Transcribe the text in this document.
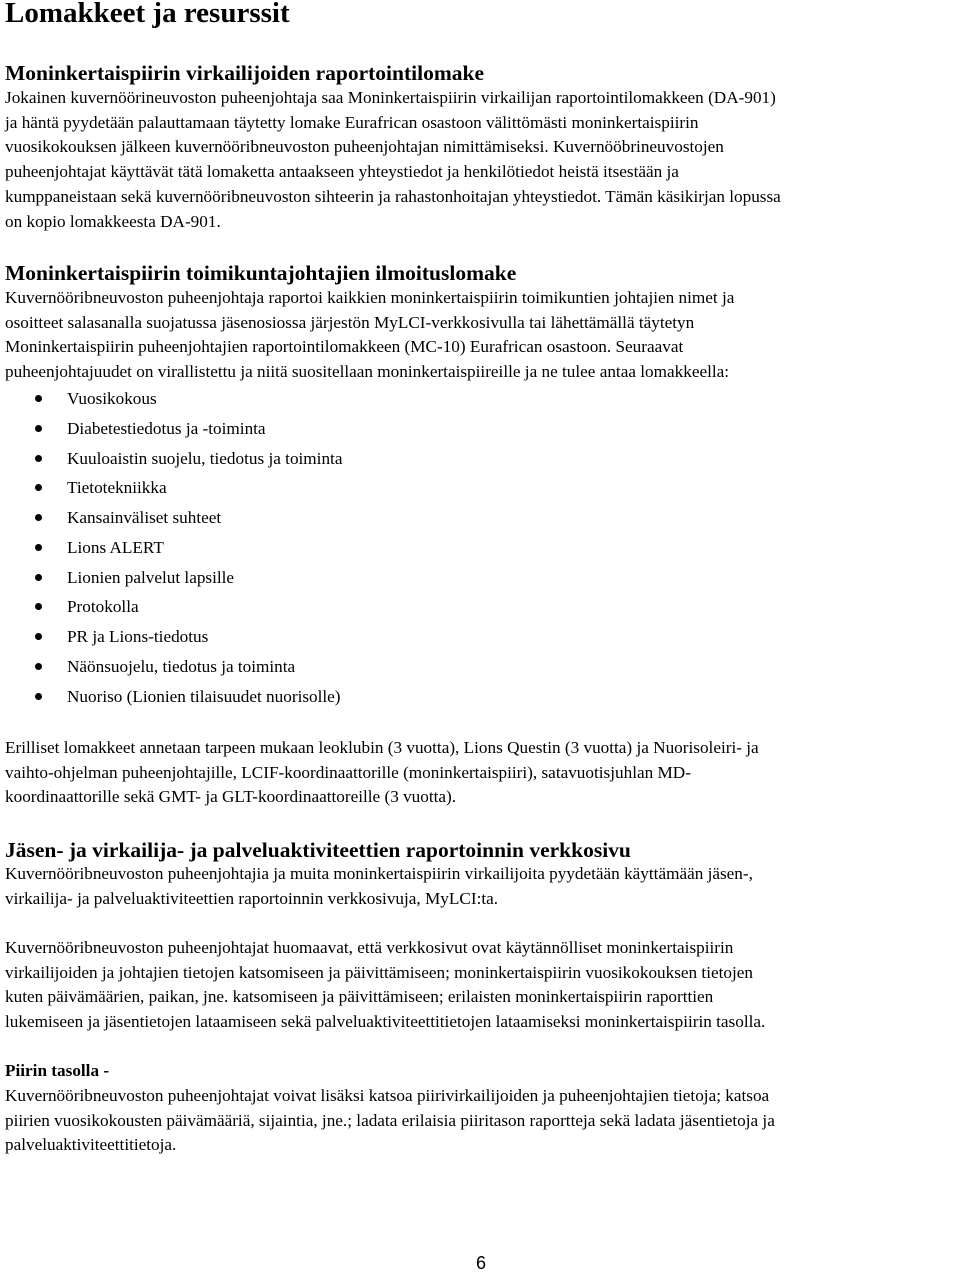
Lomakkeet ja resurssit
Moninkertaispiirin virkailijoiden raportointilomake

Jokainen kuvernöörineuvoston puheenjohtaja saa Moninkertaispiirin virkailijan raportointilomakkeen (DA-901)
ja häntä pyydetään palauttamaan täytetty lomake Eurafrican osastoon välittömästi moninkertaispiirin
vuosikokouksen jälkeen kuvernööribneuvoston puheenjohtajan nimittämiseksi. Kuvernööbrineuvostojen
puheenjohtajat käyttävät tätä lomaketta antaakseen yhteystiedot ja henkilötiedot heistä itsestään ja
kumppaneistaan sekä kuvernööribneuvoston sihteerin ja rahastonhoitajan yhteystiedot. Tämän käsikirjan lopussa
on kopio lomakkeesta DA-901.

Moninkertaispiirin toimikuntajohtajien ilmoituslomake

Kuvernööribneuvoston puheenjohtaja raportoi kaikkien moninkertaispiirin toimikuntien johtajien nimet ja
osoitteet salasanalla suojatussa jäsenosiossa järjestön MyLCI-verkkosivulla tai lähettämällä täytetyn
Moninkertaispiirin puheenjohtajien raportointilomakkeen (MC-10) Eurafrican osastoon. Seuraavat
puheenjohtajuudet on virallistettu ja niitä suositellaan moninkertaispiireille ja ne tulee antaa lomakkeella:

Vuosikokous
Diabetestiedotus ja -toiminta
Kuuloaistin suojelu, tiedotus ja toiminta
Tietotekniikka
Kansainväliset suhteet
Lions ALERT
Lionien palvelut lapsille
Protokolla
PR ja Lions-tiedotus
Näönsuojelu, tiedotus ja toiminta
Nuoriso (Lionien tilaisuudet nuorisolle)

Erilliset lomakkeet annetaan tarpeen mukaan leoklubin (3 vuotta), Lions Questin (3 vuotta) ja Nuorisoleiri- ja
vaihto-ohjelman puheenjohtajille, LCIF-koordinaattorille (moninkertaispiiri), satavuotisjuhlan MD-
koordinaattorille sekä GMT- ja GLT-koordinaattoreille (3 vuotta).

Jäsen- ja virkailija- ja palveluaktiviteettien raportoinnin verkkosivu

Kuvernööribneuvoston puheenjohtajia ja muita moninkertaispiirin virkailijoita pyydetään käyttämään jäsen-,
virkailija- ja palveluaktiviteettien raportoinnin verkkosivuja, MyLCI:ta.

Kuvernööribneuvoston puheenjohtajat huomaavat, että verkkosivut ovat käytännölliset moninkertaispiirin
virkailijoiden ja johtajien tietojen katsomiseen ja päivittämiseen; moninkertaispiirin vuosikokouksen tietojen
kuten päivämäärien, paikan, jne. katsomiseen ja päivittämiseen; erilaisten moninkertaispiirin raporttien
lukemiseen ja jäsentietojen lataamiseen sekä palveluaktiviteettitietojen lataamiseksi moninkertaispiirin tasolla.

Piirin tasolla -

Kuvernööribneuvoston puheenjohtajat voivat lisäksi katsoa piirivirkailijoiden ja puheenjohtajien tietoja; katsoa
piirien vuosikokousten päivämääriä, sijaintia, jne.; ladata erilaisia piiritason raportteja sekä ladata jäsentietoja ja
palveluaktiviteettitietoja.

6
